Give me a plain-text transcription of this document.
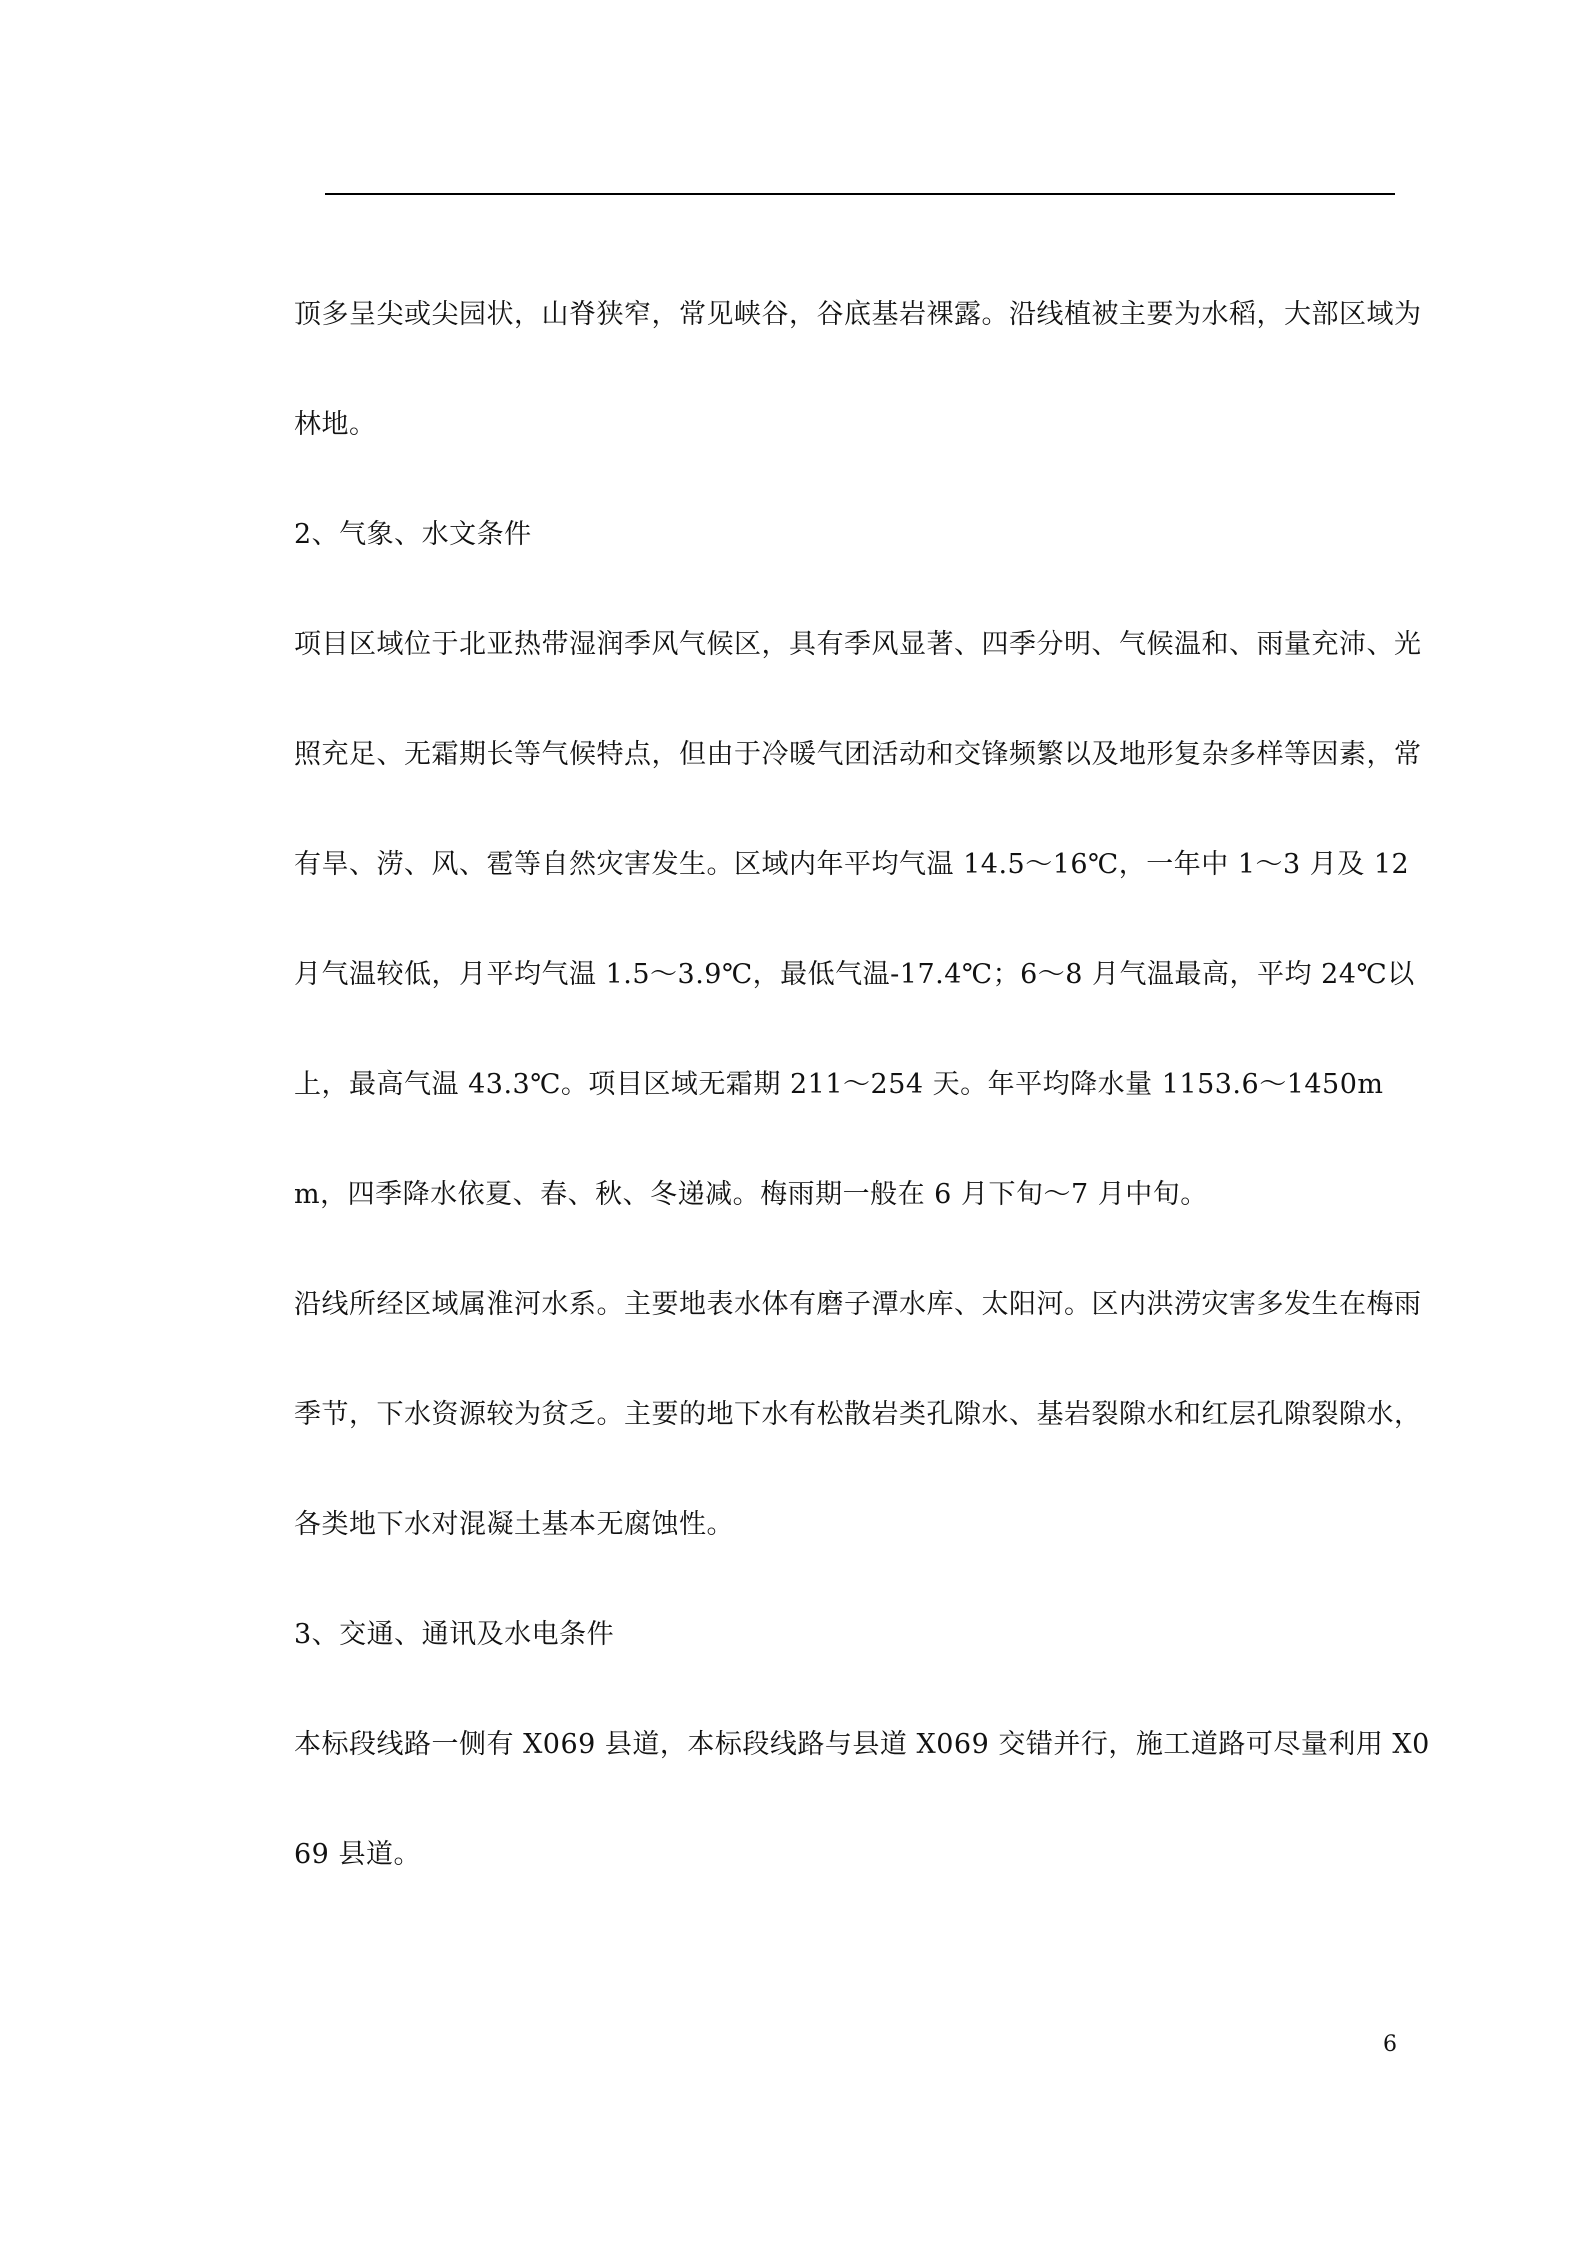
顶多呈尖或尖园状，山脊狭窄，常见峡谷，谷底基岩裸露。沿线植被主要为水稻，大部区域为林地。

2、气象、水文条件

项目区域位于北亚热带湿润季风气候区，具有季风显著、四季分明、气候温和、雨量充沛、光照充足、无霜期长等气候特点，但由于冷暖气团活动和交锋频繁以及地形复杂多样等因素，常有旱、涝、风、雹等自然灾害发生。区域内年平均气温 14.5～16℃，一年中 1～3 月及 12 月气温较低，月平均气温 1.5～3.9℃，最低气温-17.4℃；6～8 月气温最高，平均 24℃以上，最高气温 43.3℃。项目区域无霜期 211～254 天。年平均降水量 1153.6～1450mm，四季降水依夏、春、秋、冬递减。梅雨期一般在 6 月下旬～7 月中旬。

沿线所经区域属淮河水系。主要地表水体有磨子潭水库、太阳河。区内洪涝灾害多发生在梅雨季节，下水资源较为贫乏。主要的地下水有松散岩类孔隙水、基岩裂隙水和红层孔隙裂隙水，各类地下水对混凝土基本无腐蚀性。

3、交通、通讯及水电条件

本标段线路一侧有 X069 县道，本标段线路与县道 X069 交错并行，施工道路可尽量利用 X069 县道。

6
